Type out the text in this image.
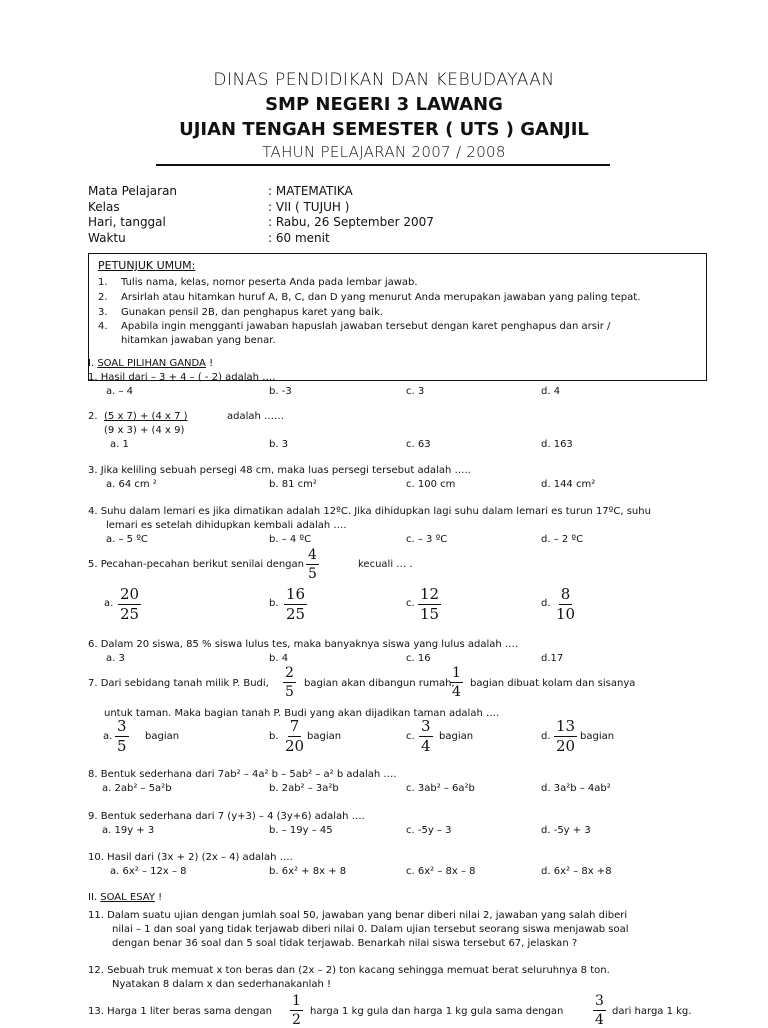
DINAS PENDIDIKAN DAN KEBUDAYAAN
SMP NEGERI 3 LAWANG
UJIAN TENGAH SEMESTER ( UTS ) GANJIL
TAHUN PELAJARAN 2007 / 2008
Mata Pelajaran	: MATEMATIKA
Kelas	: VII ( TUJUH )
Hari, tanggal	: Rabu, 26 September 2007
Waktu	: 60 menit
PETUNJUK UMUM:
1. Tulis nama, kelas, nomor peserta Anda pada lembar jawab.
2. Arsirlah atau hitamkan huruf A, B, C, dan D yang menurut Anda merupakan jawaban yang paling tepat.
3. Gunakan pensil 2B, dan penghapus karet yang baik.
4. Apabila ingin mengganti jawaban hapuslah jawaban tersebut dengan karet penghapus dan arsir /
hitamkan jawaban yang benar.
I. SOAL PILIHAN GANDA !
1. Hasil dari – 3 + 4 – ( - 2) adalah ….
a. – 4	b. -3	c. 3	d. 4
2. (5 x 7) + (4 x 7 )
(9 x 3) + (4 x 9)
adalah ……
a. 1	b. 3	c. 63	d. 163
3. Jika keliling sebuah persegi 48 cm, maka luas persegi tersebut adalah …..
a. 64 cm ²	b. 81 cm²	c. 100 cm	d. 144 cm²
4. Suhu dalam lemari es jika dimatikan adalah 12ºC. Jika dihidupkan lagi suhu dalam lemari es turun 17ºC, suhu
lemari es setelah dihidupkan kembali adalah ….
a. – 5 ºC	b. – 4 ºC	c. – 3 ºC	d. – 2 ºC
5. Pecahan-pecahan berikut senilai dengan $\frac{4}{5}$	kecuali … .
a. $\frac{20}{25}$	b. $\frac{16}{25}$	c. $\frac{12}{15}$	d. $\frac{8}{10}$
6. Dalam 20 siswa, 85 % siswa lulus tes, maka banyaknya siswa yang lulus adalah ….
a. 3	b. 4	c. 16	d.17
7. Dari sebidang tanah milik P. Budi, $\frac{2}{5}$ bagian akan dibangun rumah,
$\frac{1}{4}$ bagian dibuat kolam dan sisanya
untuk taman. Maka bagian tanah P. Budi yang akan dijadikan taman adalah ….
a. $\frac{3}{5}$ bagian	b. $\frac{7}{20}$ bagian	c. $\frac{3}{4}$ bagian	d. $\frac{13}{20}$ bagian
8. Bentuk sederhana dari 7ab² – 4a² b – 5ab² – a² b adalah ….
a. 2ab² – 5a²b	b. 2ab² – 3a²b	c. 3ab² – 6a²b	d. 3a²b – 4ab²
9. Bentuk sederhana dari 7 (y+3) – 4 (3y+6) adalah ….
a. 19y + 3	b. – 19y – 45	c. -5y – 3	d. -5y + 3
10. Hasil dari (3x + 2) (2x – 4) adalah ….
a. 6x² – 12x – 8	b. 6x² + 8x + 8	c. 6x² – 8x – 8	d. 6x² – 8x +8
II. SOAL ESAY !
11. Dalam suatu ujian dengan jumlah soal 50, jawaban yang benar diberi nilai 2, jawaban yang salah diberi
nilai – 1 dan soal yang tidak terjawab diberi nilai 0. Dalam ujian tersebut seorang siswa menjawab soal
dengan benar 36 soal dan 5 soal tidak terjawab. Benarkah nilai siswa tersebut 67, jelaskan ?
12. Sebuah truk memuat x ton beras dan (2x – 2) ton kacang sehingga memuat berat seluruhnya 8 ton.
Nyatakan 8 dalam x dan sederhanakanlah !
13. Harga 1 liter beras sama dengan $\frac{1}{2}$ harga 1 kg gula dan harga 1 kg gula sama dengan $\frac{3}{4}$ dari harga 1 kg.
